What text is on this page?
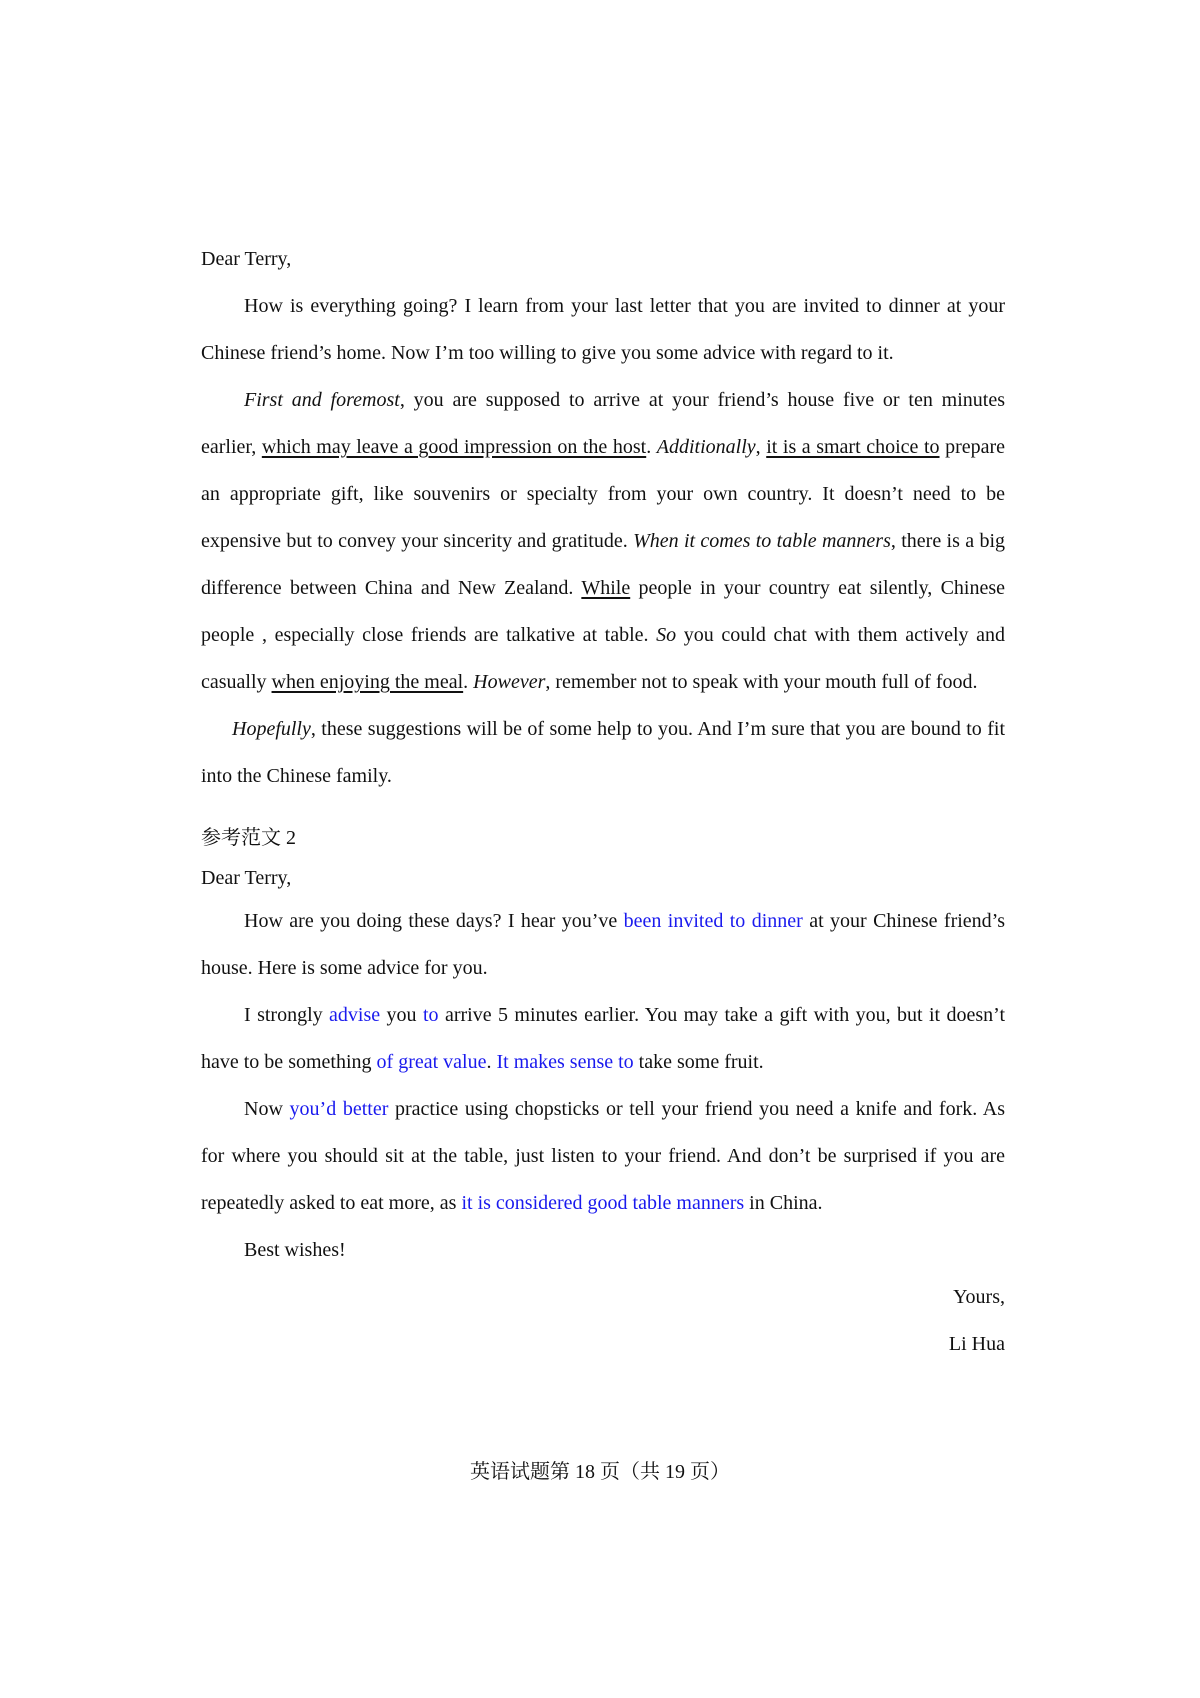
Dear Terry,

How is everything going? I learn from your last letter that you are invited to dinner at your Chinese friend’s home. Now I’m too willing to give you some advice with regard to it.

First and foremost, you are supposed to arrive at your friend’s house five or ten minutes earlier, which may leave a good impression on the host. Additionally, it is a smart choice to prepare an appropriate gift, like souvenirs or specialty from your own country. It doesn’t need to be expensive but to convey your sincerity and gratitude. When it comes to table manners, there is a big difference between China and New Zealand. While people in your country eat silently, Chinese people , especially close friends are talkative at table. So you could chat with them actively and casually when enjoying the meal. However, remember not to speak with your mouth full of food.

Hopefully, these suggestions will be of some help to you. And I’m sure that you are bound to fit into the Chinese family.

参考范文 2

Dear Terry,

How are you doing these days? I hear you’ve been invited to dinner at your Chinese friend’s house. Here is some advice for you.

I strongly advise you to arrive 5 minutes earlier. You may take a gift with you, but it doesn’t have to be something of great value. It makes sense to take some fruit.

Now you’d better practice using chopsticks or tell your friend you need a knife and fork. As for where you should sit at the table, just listen to your friend. And don’t be surprised if you are repeatedly asked to eat more, as it is considered good table manners in China.

Best wishes!

Yours,

Li Hua

英语试题第 18 页（共 19 页）
